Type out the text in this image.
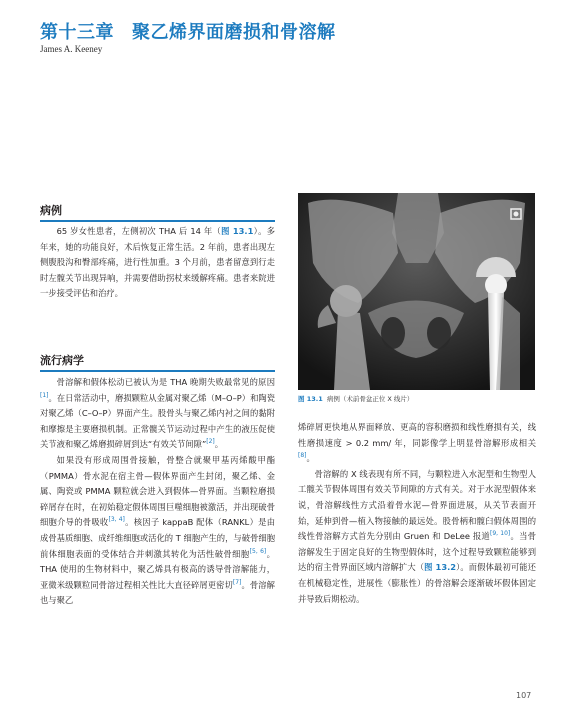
第十三章 聚乙烯界面磨损和骨溶解
James A. Keeney
病例

65 岁女性患者，左侧初次 THA 后 14 年（图 13.1）。多年来，她的功能良好，术后恢复正常生活。2 年前，患者出现左侧腹股沟和臀部疼痛，进行性加重。3 个月前，患者留意到行走时左髋关节出现异响，并需要借助拐杖来缓解疼痛。患者来院进一步接受评估和治疗。

流行病学

骨溶解和假体松动已被认为是 THA 晚期失败最常见的原因[1]。在日常活动中，磨损颗粒从金属对聚乙烯（M–O–P）和陶瓷对聚乙烯（C–O–P）界面产生。股骨头与聚乙烯内衬之间的黏附和摩擦是主要磨损机制。正常髋关节运动过程中产生的液压促使关节液和聚乙烯磨损碎屑到达“有效关节间隙”[2]。

如果没有形成周围骨接触，骨整合就聚甲基丙烯酸甲酯（PMMA）骨水泥在宿主骨—假体界面产生封闭，聚乙烯、金属、陶瓷或 PMMA 颗粒就会进入到假体—骨界面。当颗粒磨损碎屑存在时，在初始稳定假体周围巨噬细胞被激活，并出现破骨细胞介导的骨吸收[3, 4]。核因子 kappaB 配体（RANKL）是由成骨基质细胞、成纤维细胞或活化的 T 细胞产生的，与破骨细胞前体细胞表面的受体结合并刺激其转化为活性破骨细胞[5, 6]。THA 使用的生物材料中，聚乙烯具有极高的诱导骨溶解能力，亚微米级颗粒同骨溶过程相关性比大直径碎屑更密切[7]。骨溶解也与聚乙

图 13.1 病例（术前骨盆正位 X 线片）

烯碎屑更快地从界面释放、更高的容积磨损和线性磨损有关，线性磨损速度 > 0.2 mm/ 年，同影像学上明显骨溶解形成相关[8]。

骨溶解的 X 线表现有所不同，与颗粒进入水泥型和生物型人工髋关节假体周围有效关节间隙的方式有关。对于水泥型假体来说，骨溶解线性方式沿着骨水泥—骨界面进展，从关节表面开始，延伸到骨—植入物接触的最远处。股骨柄和髋臼假体周围的线性骨溶解方式首先分别由 Gruen 和 DeLee 报道[9, 10]。当骨溶解发生于固定良好的生物型假体时，这个过程导致颗粒能够到达的宿主骨界面区域内溶解扩大（图 13.2）。而假体最初可能还在机械稳定性，进展性（膨胀性）的骨溶解会逐渐破坏假体固定并导致后期松动。

107
